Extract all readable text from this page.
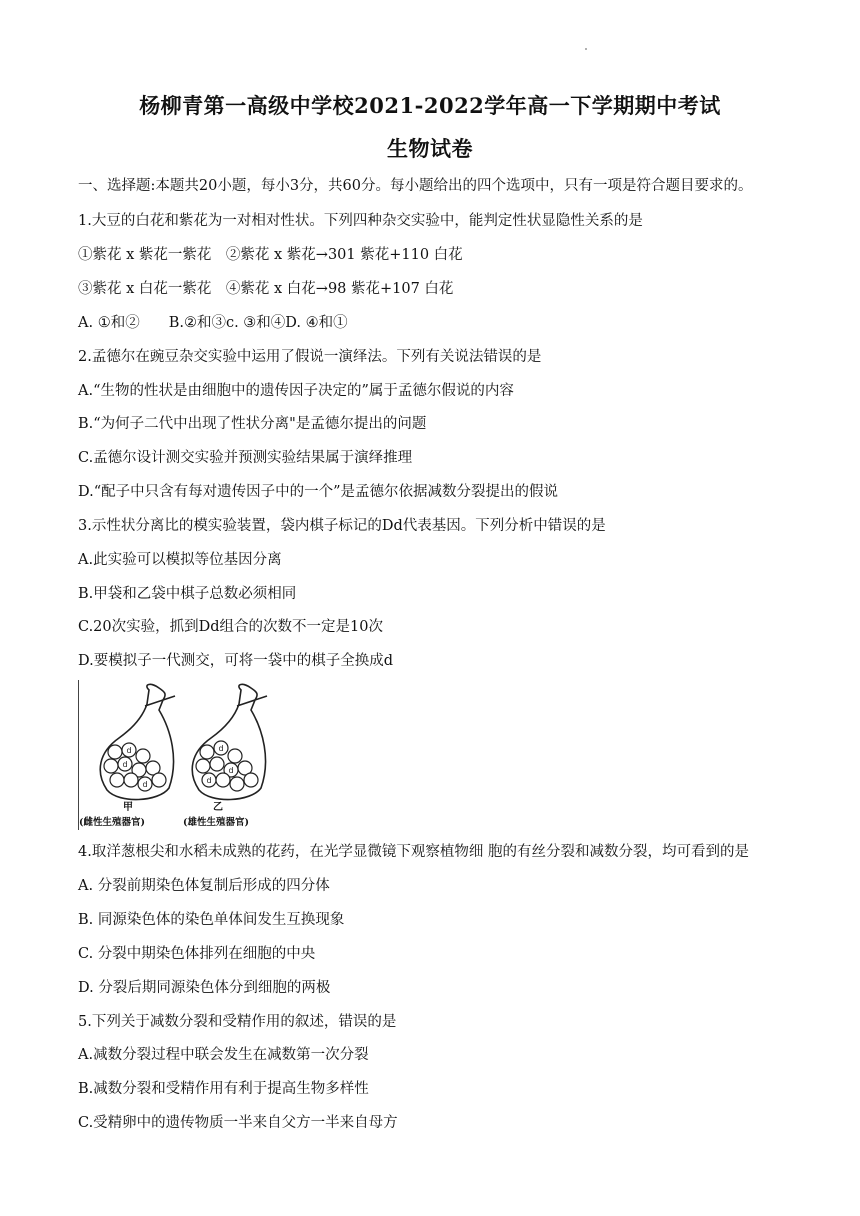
杨柳青第一高级中学校2021-2022学年高一下学期期中考试
生物试卷
一、选择题:本题共20小题，每小3分，共60分。每小题给出的四个选项中，只有一项是符合题目要求的。
1.大豆的白花和紫花为一对相对性状。下列四种杂交实验中，能判定性状显隐性关系的是
①紫花 x 紫花一紫花　②紫花 x 紫花→301 紫花+110 白花
③紫花 x 白花一紫花　④紫花 x 白花→98 紫花+107 白花
A. ①和②　　B.②和③c. ③和④D. ④和①
2.孟德尔在豌豆杂交实验中运用了假说一演绎法。下列有关说法错误的是
A.“生物的性状是由细胞中的遗传因子决定的”属于孟德尔假说的内容
B.“为何子二代中出现了性状分离"是孟德尔提出的问题
C.孟德尔设计测交实验并预测实验结果属于演绎推理
D.“配子中只含有每对遗传因子中的一个”是孟德尔依据减数分裂提出的假说
3.示性状分离比的模实验装置，袋内棋子标记的Dd代表基因。下列分析中错误的是
A.此实验可以模拟等位基因分离
B.甲袋和乙袋中棋子总数必须相同
C.20次实验，抓到Dd组合的次数不一定是10次
D.要模拟子一代测交，可将一袋中的棋子全换成d
d
d
d
d
d
d
甲	乙
(雌性生殖器官)	(雄性生殖器官)
4.取洋葱根尖和水稻未成熟的花药，在光学显微镜下观察植物细 胞的有丝分裂和减数分裂，均可看到的是
A. 分裂前期染色体复制后形成的四分体
B. 同源染色体的染色单体间发生互换现象
C. 分裂中期染色体排列在细胞的中央
D. 分裂后期同源染色体分到细胞的两极
5.下列关于减数分裂和受精作用的叙述，错误的是
A.减数分裂过程中联会发生在减数第一次分裂
B.减数分裂和受精作用有利于提高生物多样性
C.受精卵中的遗传物质一半来自父方一半来自母方
